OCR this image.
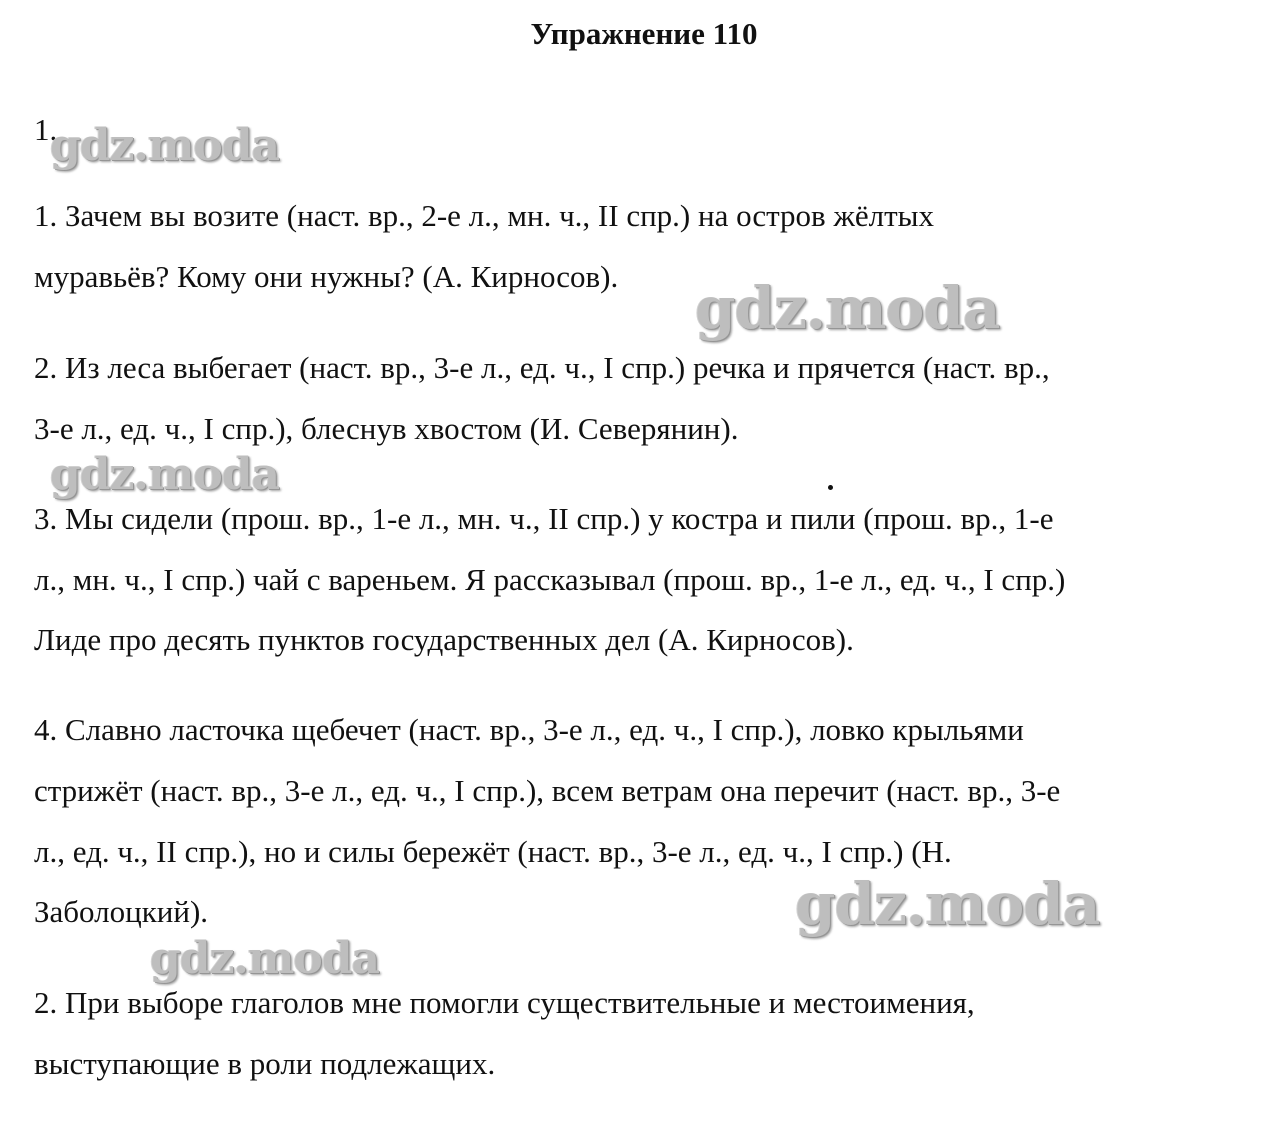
Упражнение 110
1.
1. Зачем вы возите (наст. вр., 2-е л., мн. ч., II спр.) на остров жёлтых
муравьёв? Кому они нужны? (А. Кирносов).
2. Из леса выбегает (наст. вр., 3-е л., ед. ч., I спр.) речка и прячется (наст. вр.,
3-е л., ед. ч., I спр.), блеснув хвостом (И. Северянин).
3. Мы сидели (прош. вр., 1-е л., мн. ч., II спр.) у костра и пили (прош. вр., 1-е
л., мн. ч., I спр.) чай с вареньем. Я рассказывал (прош. вр., 1-е л., ед. ч., I спр.)
Лиде про десять пунктов государственных дел (А. Кирносов).
4. Славно ласточка щебечет (наст. вр., 3-е л., ед. ч., I спр.), ловко крыльями
стрижёт (наст. вр., 3-е л., ед. ч., I спр.), всем ветрам она перечит (наст. вр., 3-е
л., ед. ч., II спр.), но и силы бережёт (наст. вр., 3-е л., ед. ч., I спр.) (Н.
Заболоцкий).
2. При выборе глаголов мне помогли существительные и местоимения,
выступающие в роли подлежащих.
gdz.moda
gdz.moda
gdz.moda
gdz.moda
gdz.moda
